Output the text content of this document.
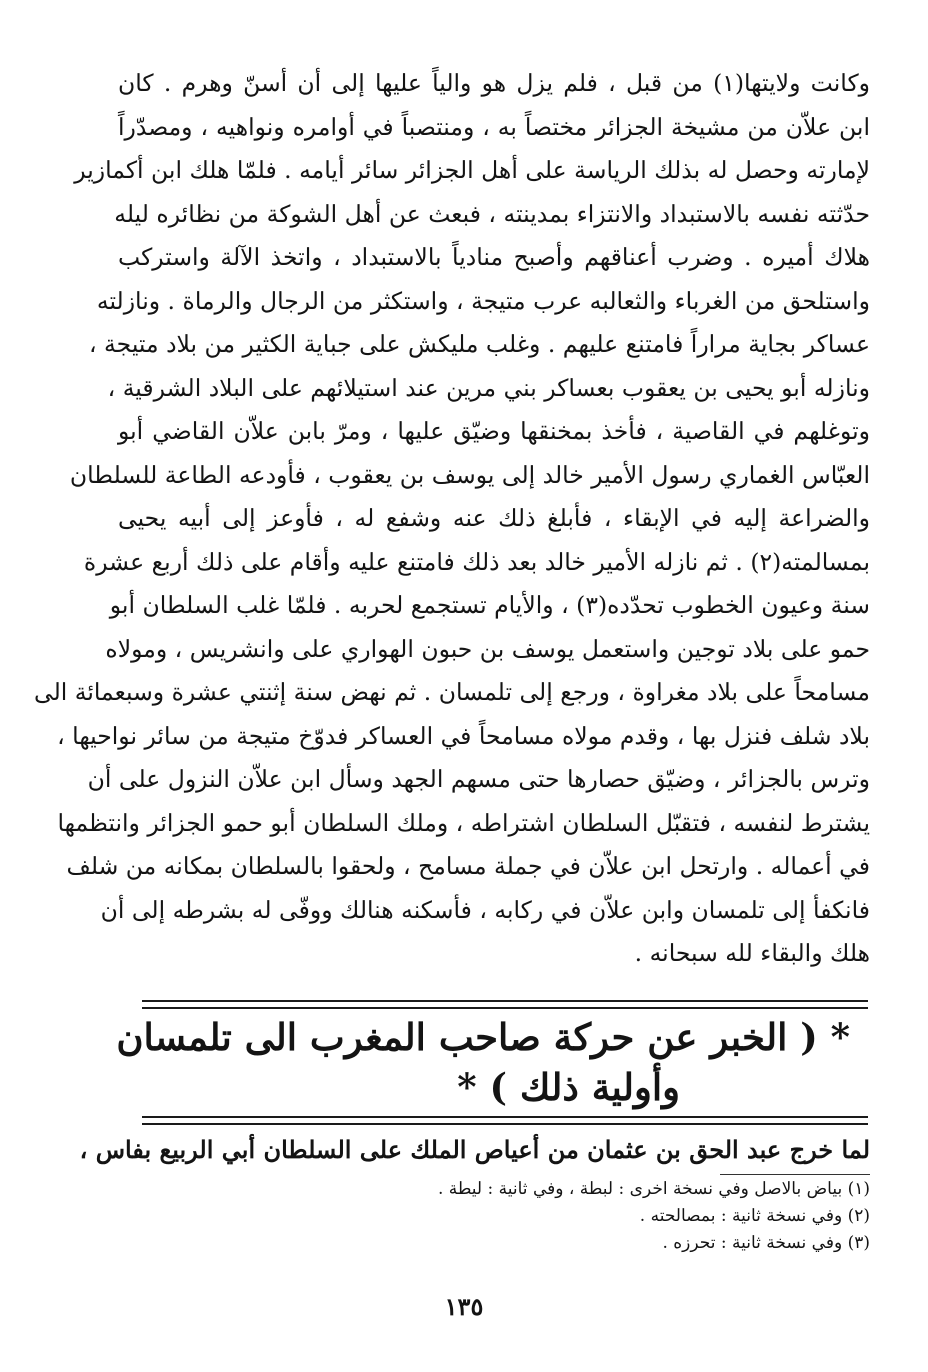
وكانت ولايتها(١) من قبل ، فلم يزل هو والياً عليها إلى أن أسنّ وهرم . كان
ابن علاّن من مشيخة الجزائر مختصاً به ، ومنتصباً في أوامره ونواهيه ، ومصدّراً
لإمارته وحصل له بذلك الرياسة على أهل الجزائر سائر أيامه . فلمّا هلك ابن أكمازير
حدّثته نفسه بالاستبداد والانتزاء بمدينته ، فبعث عن أهل الشوكة من نظائره ليله
هلاك أميره . وضرب أعناقهم وأصبح منادياً بالاستبداد ، واتخذ الآلة واستركب
واستلحق من الغرباء والثعالبه عرب متيجة ، واستكثر من الرجال والرماة . ونازلته
عساكر بجاية مراراً فامتنع عليهم . وغلب مليكش على جباية الكثير من بلاد متيجة ،
ونازله أبو يحيى بن يعقوب بعساكر بني مرين عند استيلائهم على البلاد الشرقية ،
وتوغلهم في القاصية ، فأخذ بمخنقها وضيّق عليها ، ومرّ بابن علاّن القاضي أبو
العبّاس الغماري رسول الأمير خالد إلى يوسف بن يعقوب ، فأودعه الطاعة للسلطان
والضراعة إليه في الإبقاء ، فأبلغ ذلك عنه وشفع له ، فأوعز إلى أبيه يحيى
بمسالمته(٢) . ثم نازله الأمير خالد بعد ذلك فامتنع عليه وأقام على ذلك أربع عشرة
سنة وعيون الخطوب تحدّده(٣) ، والأيام تستجمع لحربه . فلمّا غلب السلطان أبو
حمو على بلاد توجين واستعمل يوسف بن حبون الهواري على وانشريس ، ومولاه
مسامحاً على بلاد مغراوة ، ورجع إلى تلمسان . ثم نهض سنة إثنتي عشرة وسبعمائة الى
بلاد شلف فنزل بها ، وقدم مولاه مسامحاً في العساكر فدوّخ متيجة من سائر نواحيها ،
وترس بالجزائر ، وضيّق حصارها حتى مسهم الجهد وسأل ابن علاّن النزول على أن
يشترط لنفسه ، فتقبّل السلطان اشتراطه ، وملك السلطان أبو حمو الجزائر وانتظمها
في أعماله . وارتحل ابن علاّن في جملة مسامح ، ولحقوا بالسلطان بمكانه من شلف
فانكفأ إلى تلمسان وابن علاّن في ركابه ، فأسكنه هنالك ووفّى له بشرطه إلى أن
هلك والبقاء لله سبحانه .
* ( الخبر عن حركة صاحب المغرب الى تلمسان
وأولية ذلك ) *
لما خرج عبد الحق بن عثمان من أعياص الملك على السلطان أبي الربيع بفاس ،
(١) بياض بالاصل وفي نسخة اخرى : لبطة ، وفي ثانية : ليطة .
(٢) وفي نسخة ثانية : بمصالحته .
(٣) وفي نسخة ثانية : تحرزه .
١٣٥
